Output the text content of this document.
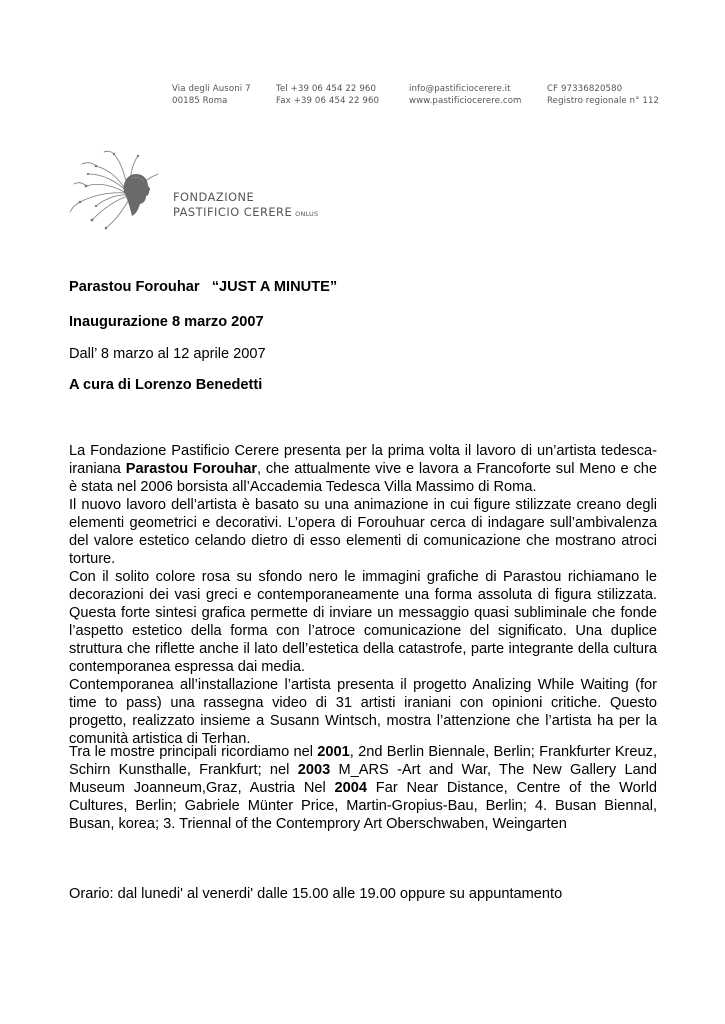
Via degli Ausoni 7
00185 Roma
Tel +39 06 454 22 960
Fax +39 06 454 22 960
info@pastificiocerere.it
www.pastificiocerere.com
CF 97336820580
Registro regionale n° 112
FONDAZIONE
PASTIFICIO CERERE ONLUS
Parastou Forouhar “JUST A MINUTE”
Inaugurazione 8 marzo 2007
Dall’ 8 marzo al 12 aprile 2007
A cura di Lorenzo Benedetti

La Fondazione Pastificio Cerere presenta per la prima volta il lavoro di un’artista tedesca-iraniana Parastou Forouhar, che attualmente vive e lavora a Francoforte sul Meno e che è stata nel 2006 borsista all’Accademia Tedesca Villa Massimo di Roma.

Il nuovo lavoro dell’artista è basato su una animazione in cui figure stilizzate creano degli elementi geometrici e decorativi. L’opera di Forouhuar cerca di indagare sull’ambivalenza del valore estetico celando dietro di esso elementi di comunicazione che mostrano atroci torture.

Con il solito colore rosa su sfondo nero le immagini grafiche di Parastou richiamano le decorazioni dei vasi greci e contemporaneamente una forma assoluta di figura stilizzata. Questa forte sintesi grafica permette di inviare un messaggio quasi subliminale che fonde l’aspetto estetico della forma con l’atroce comunicazione del significato. Una duplice struttura che riflette anche il lato dell’estetica della catastrofe, parte integrante della cultura contemporanea espressa dai media.

Contemporanea all’installazione l’artista presenta il progetto Analizing While Waiting (for time to pass) una rassegna video di 31 artisti iraniani con opinioni critiche. Questo progetto, realizzato insieme a Susann Wintsch, mostra l’attenzione che l’artista ha per la comunità artistica di Terhan.

Tra le mostre principali ricordiamo nel 2001, 2nd Berlin Biennale, Berlin; Frankfurter Kreuz, Schirn Kunsthalle, Frankfurt; nel 2003 M_ARS -Art and War, The New Gallery Land Museum Joanneum,Graz, Austria Nel 2004 Far Near Distance, Centre of the World Cultures, Berlin; Gabriele Münter Price, Martin-Gropius-Bau, Berlin; 4. Busan Biennal, Busan, korea; 3. Triennal of the Contemprory Art Oberschwaben, Weingarten

Orario: dal lunedi' al venerdi' dalle 15.00 alle 19.00 oppure su appuntamento
